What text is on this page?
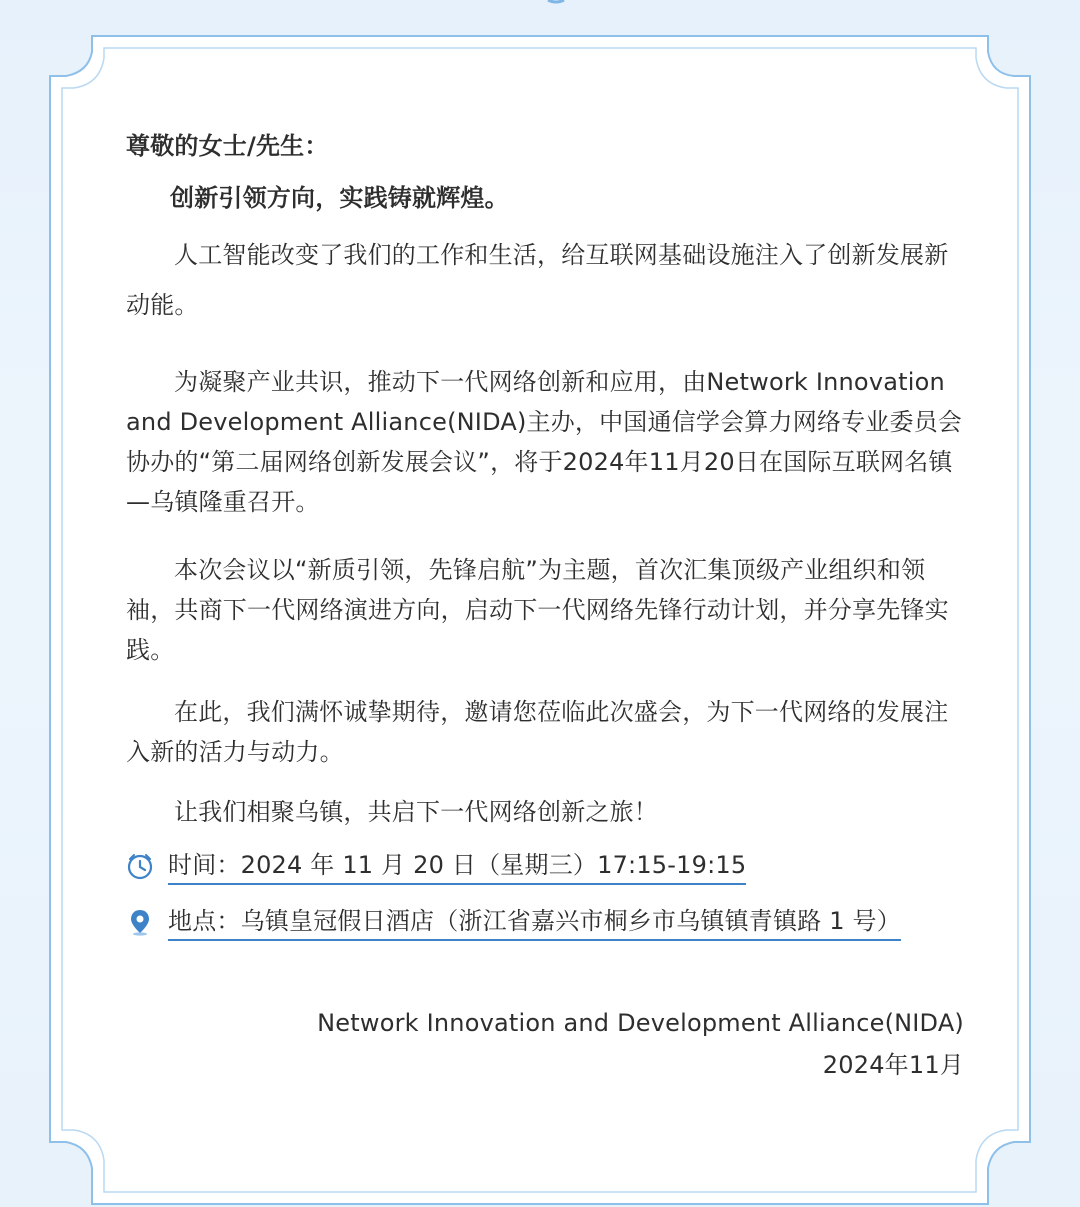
尊敬的女士/先生：

创新引领方向，实践铸就辉煌。

人工智能改变了我们的工作和生活，给互联网基础设施注入了创新发展新动能。

为凝聚产业共识，推动下一代网络创新和应用，由Network Innovation and Development Alliance(NIDA)主办，中国通信学会算力网络专业委员会协办的“第二届网络创新发展会议”，将于2024年11月20日在国际互联网名镇—乌镇隆重召开。

本次会议以“新质引领，先锋启航”为主题，首次汇集顶级产业组织和领袖，共商下一代网络演进方向，启动下一代网络先锋行动计划，并分享先锋实践。

在此，我们满怀诚挚期待，邀请您莅临此次盛会，为下一代网络的发展注入新的活力与动力。

让我们相聚乌镇，共启下一代网络创新之旅！

时间：2024 年 11 月 20 日（星期三）17:15-19:15
地点：乌镇皇冠假日酒店（浙江省嘉兴市桐乡市乌镇镇青镇路 1 号）
Network Innovation and Development Alliance(NIDA)
2024年11月
